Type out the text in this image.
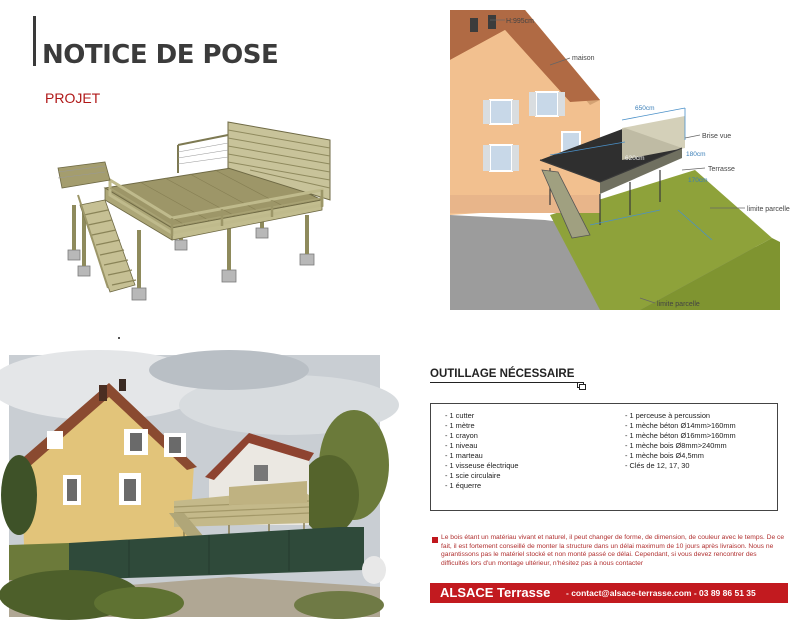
NOTICE DE POSE
PROJET
H:995cm
maison
Brise vue
Terrasse
650cm
620cm
180cm
170cm
limite parcelle
limite parcelle
OUTILLAGE NÉCESSAIRE
- 1 cutter
- 1 mètre
- 1 crayon
- 1 niveau
- 1 marteau
- 1 visseuse électrique
- 1 scie circulaire
- 1 équerre
- 1 perceuse à percussion
- 1 mèche béton Ø14mm>160mm
- 1 mèche béton Ø16mm>160mm
- 1 mèche bois Ø8mm>240mm
- 1 mèche bois Ø4,5mm
- Clés de 12, 17, 30
Le bois étant un matériau vivant et naturel, il peut changer de forme, de dimension, de couleur avec le temps. De ce fait, il est fortement conseillé de monter la structure dans un délai maximum de 10 jours après livraison. Nous ne garantissons pas le matériel stocké et non monté passé ce délai. Cependant, si vous devez rencontrer des difficultés lors d'un montage ultérieur, n'hésitez pas à nous contacter
ALSACE Terrasse - contact@alsace-terrasse.com - 03 89 86 51 35
